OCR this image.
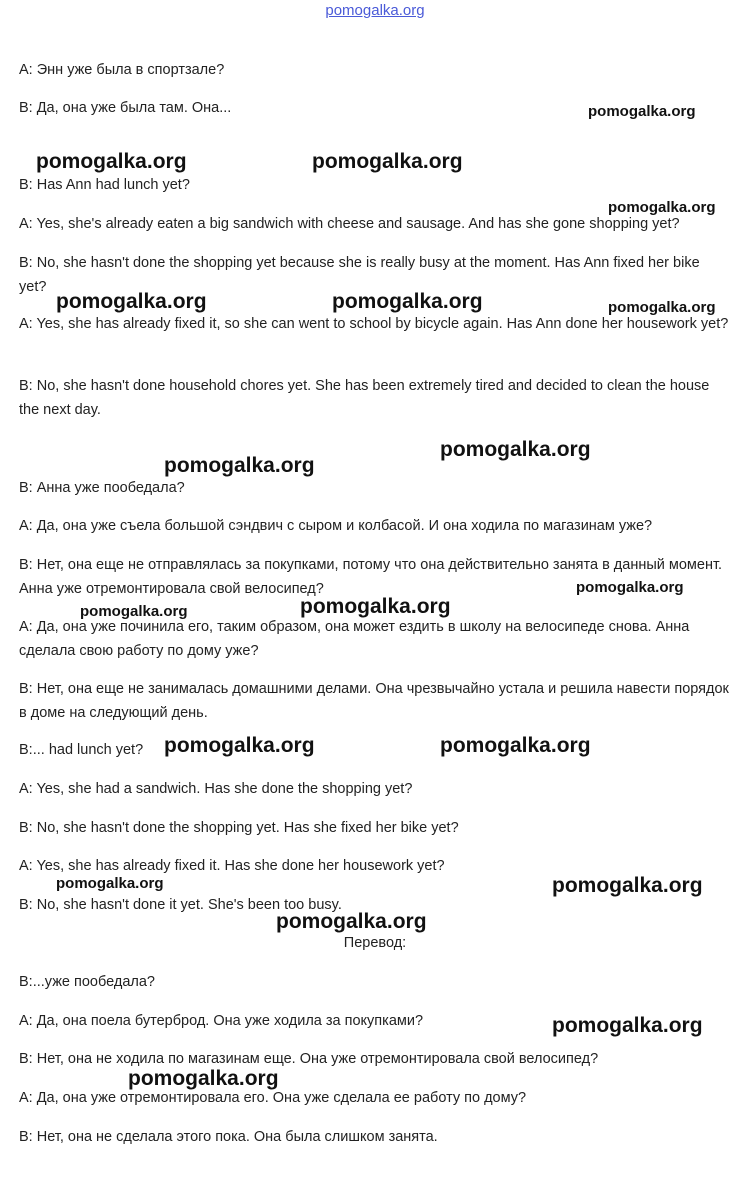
pomogalka.org

A: Энн уже была в спортзале?

B: Да, она уже была там. Она...

B: Has Ann had lunch yet?

A: Yes, she's already eaten a big sandwich with cheese and sausage. And has she gone shopping yet?

B: No, she hasn't done the shopping yet because she is really busy at the moment. Has Ann fixed her bike yet?

A: Yes, she has already fixed it, so she can went to school by bicycle again. Has Ann done her housework yet?

B: No, she hasn't done household chores yet. She has been extremely tired and decided to clean the house the next day.

B: Анна уже пообедала?

A: Да, она уже съела большой сэндвич с сыром и колбасой. И она ходила по магазинам уже?

B: Нет, она еще не отправлялась за покупками, потому что она действительно занята в данный момент. Анна уже отремонтировала свой велосипед?

A: Да, она уже починила его, таким образом, она может ездить в школу на велосипеде снова. Анна сделала свою работу по дому уже?

B: Нет, она еще не занималась домашними делами. Она чрезвычайно устала и решила навести порядок в доме на следующий день.

B:... had lunch yet?

A: Yes, she had a sandwich. Has she done the shopping yet?

B: No, she hasn't done the shopping yet. Has she fixed her bike yet?

A: Yes, she has already fixed it. Has she done her housework yet?

B: No, she hasn't done it yet. She's been too busy.

Перевод:

B:...уже пообедала?

A: Да, она поела бутерброд. Она уже ходила за покупками?

B: Нет, она не ходила по магазинам еще. Она уже отремонтировала свой велосипед?

A: Да, она уже отремонтировала его. Она уже сделала ее работу по дому?

B: Нет, она не сделала этого пока. Она была слишком занята.

pomogalka.org
pomogalka.org	pomogalka.org
pomogalka.org
pomogalka.org	pomogalka.org	pomogalka.org
pomogalka.org
pomogalka.org
pomogalka.org
pomogalka.org
pomogalka.org
pomogalka.org	pomogalka.org
pomogalka.org	pomogalka.org
pomogalka.org
pomogalka.org
pomogalka.org
